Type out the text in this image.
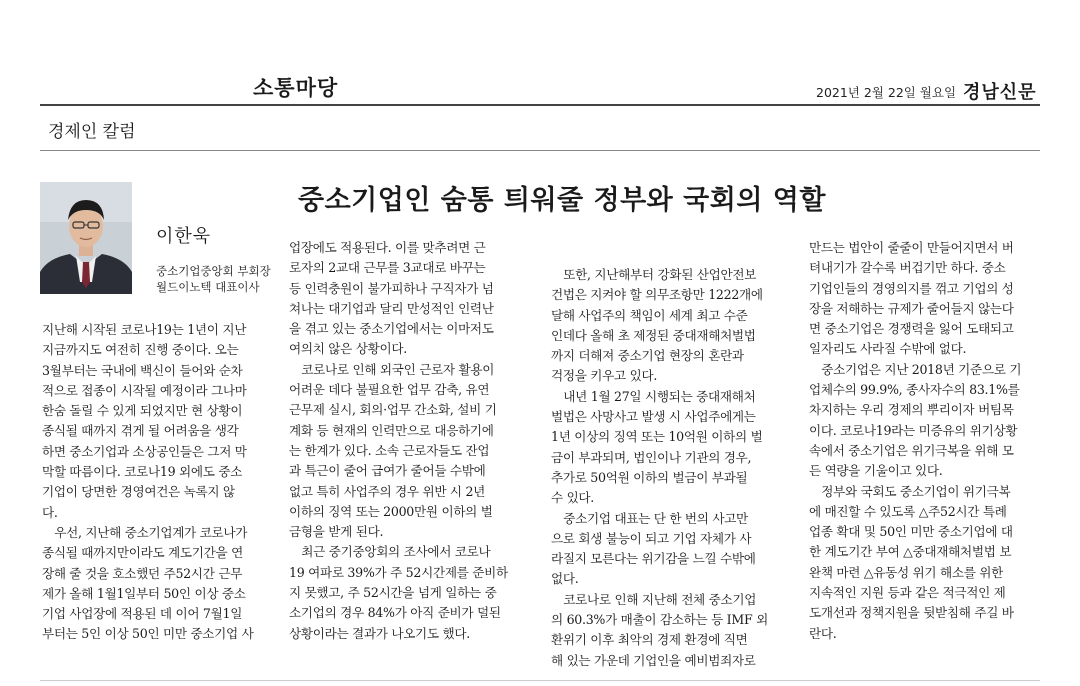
소통마당	2021년 2월 22일 월요일 경남신문
경제인 칼럼
중소기업인 숨통 틔워줄 정부와 국회의 역할
이한욱
중소기업중앙회 부회장
월드이노텍 대표이사

지난해 시작된 코로나19는 1년이 지난

지금까지도 여전히 진행 중이다. 오는

3월부터는 국내에 백신이 들어와 순차

적으로 접종이 시작될 예정이라 그나마

한숨 돌릴 수 있게 되었지만 현 상황이

종식될 때까지 겪게 될 어려움을 생각

하면 중소기업과 소상공인들은 그저 막

막할 따름이다. 코로나19 외에도 중소

기업이 당면한 경영여건은 녹록지 않

다.

　우선, 지난해 중소기업계가 코로나가

종식될 때까지만이라도 계도기간을 연

장해 줄 것을 호소했던 주52시간 근무

제가 올해 1월1일부터 50인 이상 중소

기업 사업장에 적용된 데 이어 7월1일

부터는 5인 이상 50인 미만 중소기업 사

업장에도 적용된다. 이를 맞추려면 근

로자의 2교대 근무를 3교대로 바꾸는

등 인력충원이 불가피하나 구직자가 넘

쳐나는 대기업과 달리 만성적인 인력난

을 겪고 있는 중소기업에서는 이마저도

여의치 않은 상황이다.

　코로나로 인해 외국인 근로자 활용이

어려운 데다 불필요한 업무 감축, 유연

근무제 실시, 회의·업무 간소화, 설비 기

계화 등 현재의 인력만으로 대응하기에

는 한계가 있다. 소속 근로자들도 잔업

과 특근이 줄어 급여가 줄어들 수밖에

없고 특히 사업주의 경우 위반 시 2년

이하의 징역 또는 2000만원 이하의 벌

금형을 받게 된다.

　최근 중기중앙회의 조사에서 코로나

19 여파로 39%가 주 52시간제를 준비하

지 못했고, 주 52시간을 넘게 일하는 중

소기업의 경우 84%가 아직 준비가 덜된

상황이라는 결과가 나오기도 했다.

　또한, 지난해부터 강화된 산업안전보

건법은 지켜야 할 의무조항만 1222개에

달해 사업주의 책임이 세계 최고 수준

인데다 올해 초 제정된 중대재해처벌법

까지 더해져 중소기업 현장의 혼란과

걱정을 키우고 있다.

　내년 1월 27일 시행되는 중대재해처

벌법은 사망사고 발생 시 사업주에게는

1년 이상의 징역 또는 10억원 이하의 벌

금이 부과되며, 법인이나 기관의 경우,

추가로 50억원 이하의 벌금이 부과될

수 있다.

　중소기업 대표는 단 한 번의 사고만

으로 회생 불능이 되고 기업 자체가 사

라질지 모른다는 위기감을 느낄 수밖에

없다.

　코로나로 인해 지난해 전체 중소기업

의 60.3%가 매출이 감소하는 등 IMF 외

환위기 이후 최악의 경제 환경에 직면

해 있는 가운데 기업인을 예비범죄자로

만드는 법안이 줄줄이 만들어지면서 버

텨내기가 갈수록 버겁기만 하다. 중소

기업인들의 경영의지를 꺾고 기업의 성

장을 저해하는 규제가 줄어들지 않는다

면 중소기업은 경쟁력을 잃어 도태되고

일자리도 사라질 수밖에 없다.

　중소기업은 지난 2018년 기준으로 기

업체수의 99.9%, 종사자수의 83.1%를

차지하는 우리 경제의 뿌리이자 버팀목

이다. 코로나19라는 미증유의 위기상황

속에서 중소기업은 위기극복을 위해 모

든 역량을 기울이고 있다.

　정부와 국회도 중소기업이 위기극복

에 매진할 수 있도록 △주52시간 특례

업종 확대 및 50인 미만 중소기업에 대

한 계도기간 부여 △중대재해처벌법 보

완책 마련 △유동성 위기 해소를 위한

지속적인 지원 등과 같은 적극적인 제

도개선과 정책지원을 뒷받침해 주길 바

란다.
